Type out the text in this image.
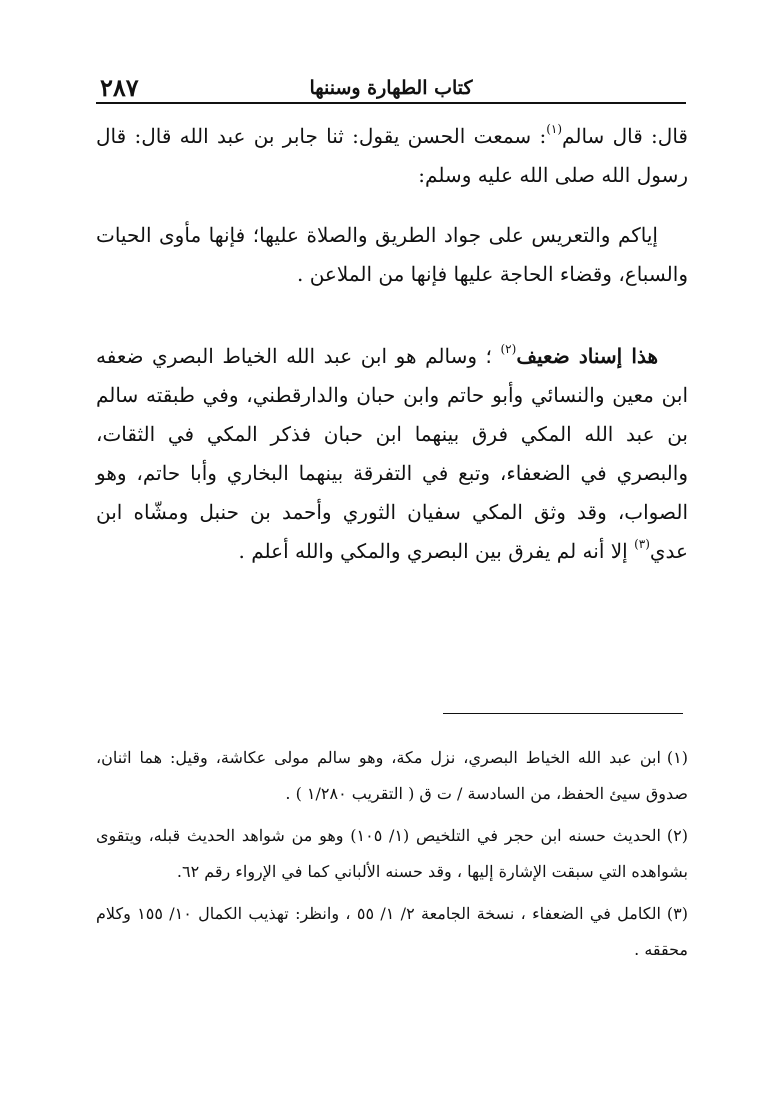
كتاب الطهارة وسننها
٢٨٧

قال: قال سالم$^{(١)}$: سمعت الحسن يقول: ثنا جابر بن عبد الله قال: قال رسول الله صلى الله عليه وسلم:

إياكم والتعريس على جواد الطريق والصلاة عليها؛ فإنها مأوى الحيات والسباع، وقضاء الحاجة عليها فإنها من الملاعن .

هذا إسناد ضعيف$^{(٢)}$ ؛ وسالم هو ابن عبد الله الخياط البصري ضعفه ابن معين والنسائي وأبو حاتم وابن حبان والدارقطني، وفي طبقته سالم بن عبد الله المكي فرق بينهما ابن حبان فذكر المكي في الثقات، والبصري في الضعفاء، وتبع في التفرقة بينهما البخاري وأبا حاتم، وهو الصواب، وقد وثق المكي سفيان الثوري وأحمد بن حنبل ومشّاه ابن عدي$^{(٣)}$ إلا أنه لم يفرق بين البصري والمكي والله أعلم .

(١)ابن عبد الله الخياط البصري، نزل مكة، وهو سالم مولى عكاشة، وقيل: هما اثنان، صدوق سيئ الحفظ، من السادسة / ت ق ( التقريب ١/٢٨٠ ) .

(٢)الحديث حسنه ابن حجر في التلخيص (١/ ١٠٥) وهو من شواهد الحديث قبله، ويتقوى بشواهده التي سبقت الإشارة إليها ، وقد حسنه الألباني كما في الإرواء رقم ٦٢.

(٣)الكامل في الضعفاء ، نسخة الجامعة ٢/ ١/ ٥٥ ، وانظر: تهذيب الكمال ١٠/ ١٥٥ وكلام محققه .
